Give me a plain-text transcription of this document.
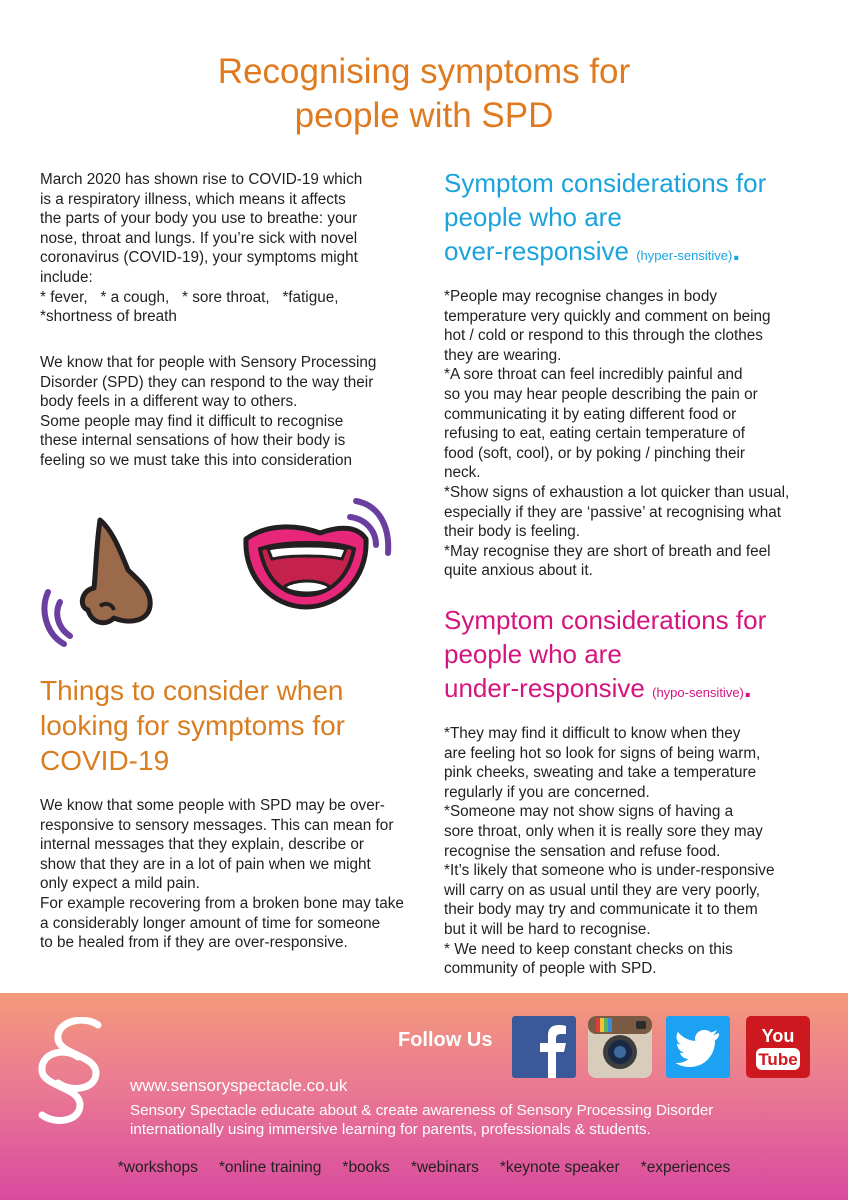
Recognising symptoms for
people with SPD
March 2020 has shown rise to COVID-19 which
is a respiratory illness, which means it affects
the parts of your body you use to breathe: your
nose, throat and lungs. If you’re sick with novel
coronavirus (COVID-19), your symptoms might
include:
* fever,   * a cough,   * sore throat,   *fatigue,
*shortness of breath
We know that for people with Sensory Processing
Disorder (SPD) they can respond to the way their
body feels in a different way to others.
Some people may find it difficult to recognise
these internal sensations of how their body is
feeling so we must take this into consideration
Things to consider when
looking for symptoms for
COVID-19
We know that some people with SPD may be over-
responsive to sensory messages. This can mean for
internal messages that they explain, describe or
show that they are in a lot of pain when we might
only expect a mild pain.
For example recovering from a broken bone may take
a considerably longer amount of time for someone
to be healed from if they are over-responsive.
Symptom considerations for
people who are
over-responsive (hyper-sensitive).
*People may recognise changes in body
temperature very quickly and comment on being
hot / cold or respond to this through the clothes
they are wearing.
*A sore throat can feel incredibly painful and
so you may hear people describing the pain or
communicating it by eating different food or
refusing to eat, eating certain temperature of
food (soft, cool), or by poking / pinching their
neck.
*Show signs of exhaustion a lot quicker than usual,
especially if they are ‘passive’ at recognising what
their body is feeling.
*May recognise they are short of breath and feel
quite anxious about it.
Symptom considerations for
people who are
under-responsive (hypo-sensitive).
*They may find it difficult to know when they
are feeling hot so look for signs of being warm,
pink cheeks, sweating and take a temperature
regularly if you are concerned.
*Someone may not show signs of having a
sore throat, only when it is really sore they may
recognise the sensation and refuse food.
*It’s likely that someone who is under-responsive
will carry on as usual until they are very poorly,
their body may try and communicate it to them
but it will be hard to recognise.
* We need to keep constant checks on this
community of people with SPD.
Follow Us	You
Tube
www.sensoryspectacle.co.uk
Sensory Spectacle educate about & create awareness of Sensory Processing Disorder
internationally using immersive learning for parents, professionals & students.
*workshops *online training *books *webinars *keynote speaker *experiences
